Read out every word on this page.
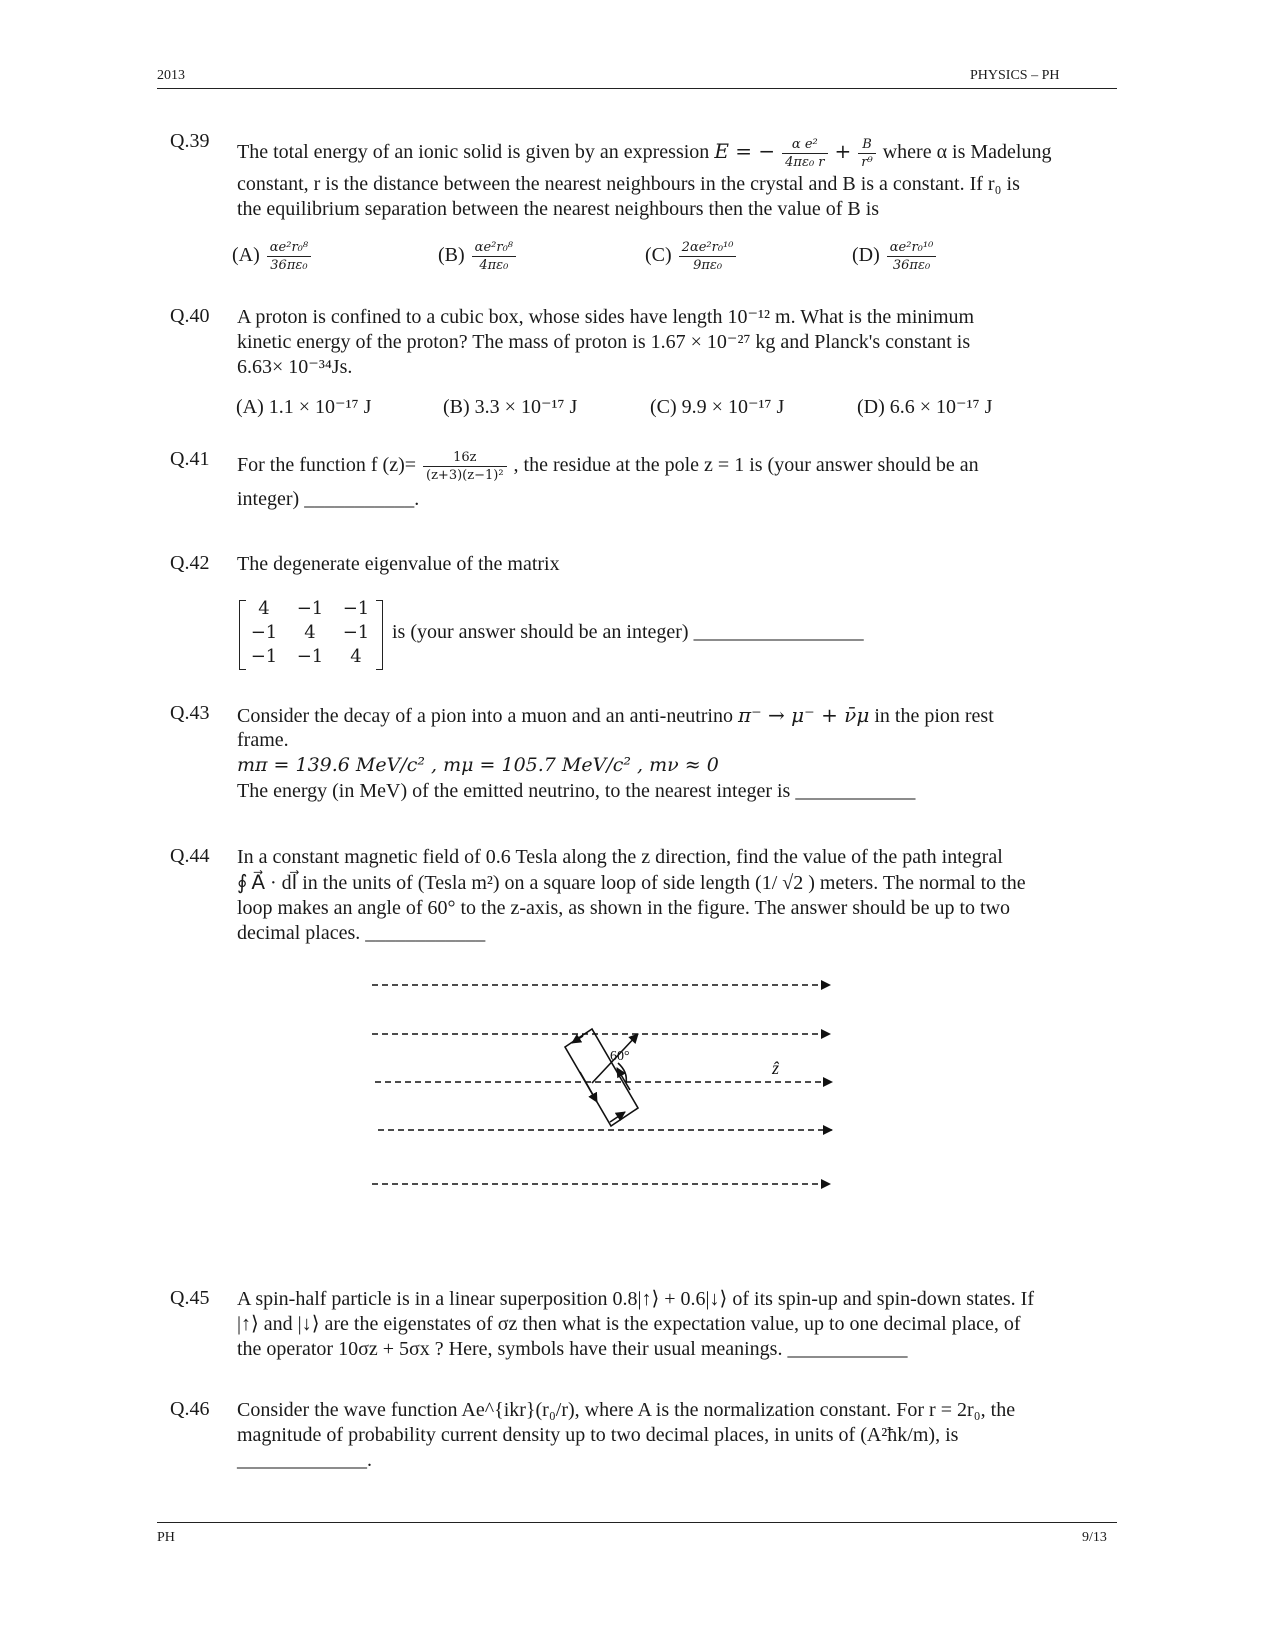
2013	PHYSICS – PH
Q.39
The total energy of an ionic solid is given by an expression E = − $\frac{\text{α e²}}{\text{4πε₀ r}} + \frac{B}{\text{r⁹}}$ where α is Madelung
constant, r is the distance between the nearest neighbours in the crystal and B is a constant. If r₀ is
the equilibrium separation between the nearest neighbours then the value of B is
$(A) \frac{\text{αe²r₀⁸}}{\text{36πε₀}}$	$(B) \frac{\text{αe²r₀⁸}}{\text{4πε₀}}$	$(C) \frac{\text{2αe²r₀¹⁰}}{\text{9πε₀}}$	$(D) \frac{\text{αe²r₀¹⁰}}{\text{36πε₀}}$
Q.40 A proton is confined to a cubic box, whose sides have length 10⁻¹² m. What is the minimum
kinetic energy of the proton? The mass of proton is 1.67 × 10⁻²⁷ kg and Planck's constant is
6.63× 10⁻³⁴Js.
(A) 1.1 × 10⁻¹⁷ J	(B) 3.3 × 10⁻¹⁷ J	(C) 9.9 × 10⁻¹⁷ J	(D) 6.6 × 10⁻¹⁷ J
Q.41 For the function f $(z)= \frac{16z}{\text{(z+3)(z−1)²}}$ , the residue at the pole z = 1 is (your answer should be an
integer) ___________.
Q.42 The degenerate eigenvalue of the matrix
4	−1	−1
−1	4	−1
−1	−1	4
is (your answer should be an integer) _________________
Q.43 Consider the decay of a pion into a muon and an anti-neutrino π⁻ → μ⁻ + ν̄μ in the pion rest
frame.
mπ = 139.6 MeV/c² , mμ = 105.7 MeV/c² , mν ≈ 0
The energy (in MeV) of the emitted neutrino, to the nearest integer is ____________
Q.44 In a constant magnetic field of 0.6 Tesla along the z direction, find the value of the path integral
∮ A⃗ · dl⃗ in the units of (Tesla m²) on a square loop of side length (1/ √2 ) meters. The normal to the
loop makes an angle of 60° to the z-axis, as shown in the figure. The answer should be up to two
decimal places. ____________
60°
ẑ
Q.45 A spin-half particle is in a linear superposition 0.8|↑⟩ + 0.6|↓⟩ of its spin-up and spin-down states. If
|↑⟩ and |↓⟩ are the eigenstates of σz then what is the expectation value, up to one decimal place, of
the operator 10σz + 5σx ? Here, symbols have their usual meanings. ____________
Q.46 Consider the wave function Ae^{ikr}(r₀/r), where A is the normalization constant. For r = 2r₀, the
magnitude of probability current density up to two decimal places, in units of (A²ħk/m), is
_____________.
PH	9/13
